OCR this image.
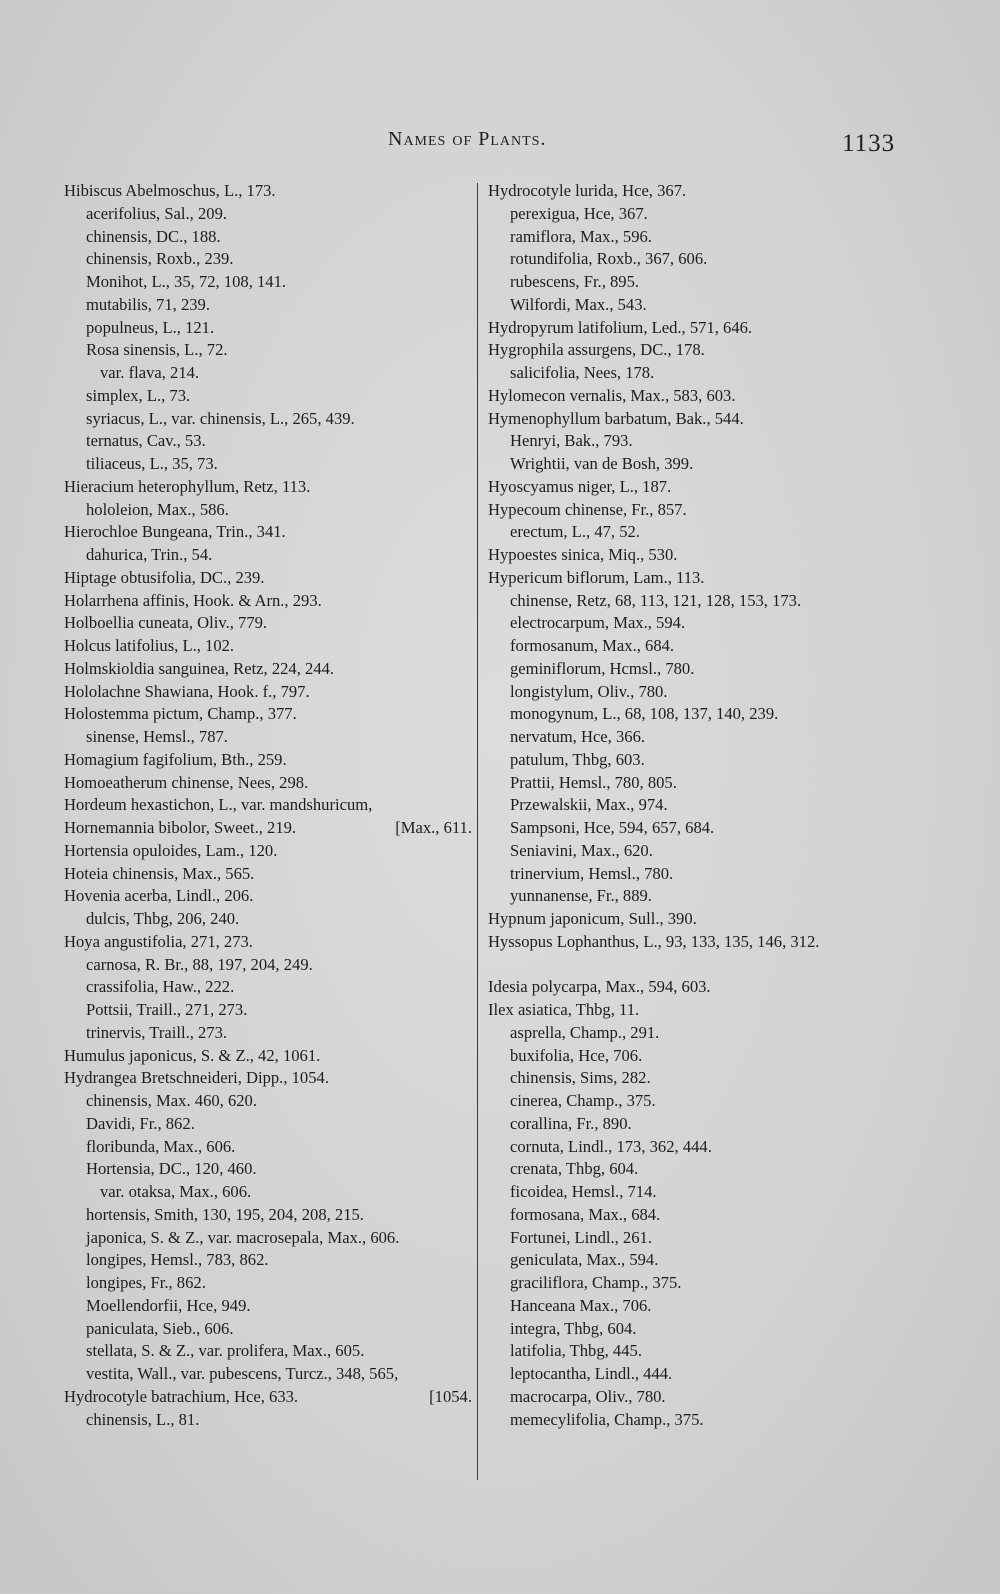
Names of Plants.	1133
Hibiscus Abelmoschus, L., 173.
acerifolius, Sal., 209.
chinensis, DC., 188.
chinensis, Roxb., 239.
Monihot, L., 35, 72, 108, 141.
mutabilis, 71, 239.
populneus, L., 121.
Rosa sinensis, L., 72.
var. flava, 214.
simplex, L., 73.
syriacus, L., var. chinensis, L., 265, 439.
ternatus, Cav., 53.
tiliaceus, L., 35, 73.
Hieracium heterophyllum, Retz, 113.
hololeion, Max., 586.
Hierochloe Bungeana, Trin., 341.
dahurica, Trin., 54.
Hiptage obtusifolia, DC., 239.
Holarrhena affinis, Hook. & Arn., 293.
Holboellia cuneata, Oliv., 779.
Holcus latifolius, L., 102.
Holmskioldia sanguinea, Retz, 224, 244.
Hololachne Shawiana, Hook. f., 797.
Holostemma pictum, Champ., 377.
sinense, Hemsl., 787.
Homagium fagifolium, Bth., 259.
Homoeatherum chinense, Nees, 298.
Hordeum hexastichon, L., var. mandshuricum,
Hornemannia bibolor, Sweet., 219.	[Max., 611.
Hortensia opuloides, Lam., 120.
Hoteia chinensis, Max., 565.
Hovenia acerba, Lindl., 206.
dulcis, Thbg, 206, 240.
Hoya angustifolia, 271, 273.
carnosa, R. Br., 88, 197, 204, 249.
crassifolia, Haw., 222.
Pottsii, Traill., 271, 273.
trinervis, Traill., 273.
Humulus japonicus, S. & Z., 42, 1061.
Hydrangea Bretschneideri, Dipp., 1054.
chinensis, Max. 460, 620.
Davidi, Fr., 862.
floribunda, Max., 606.
Hortensia, DC., 120, 460.
var. otaksa, Max., 606.
hortensis, Smith, 130, 195, 204, 208, 215.
japonica, S. & Z., var. macrosepala, Max., 606.
longipes, Hemsl., 783, 862.
longipes, Fr., 862.
Moellendorfii, Hce, 949.
paniculata, Sieb., 606.
stellata, S. & Z., var. prolifera, Max., 605.
vestita, Wall., var. pubescens, Turcz., 348, 565,
Hydrocotyle batrachium, Hce, 633.	[1054.
chinensis, L., 81.
Hydrocotyle lurida, Hce, 367.
perexigua, Hce, 367.
ramiflora, Max., 596.
rotundifolia, Roxb., 367, 606.
rubescens, Fr., 895.
Wilfordi, Max., 543.
Hydropyrum latifolium, Led., 571, 646.
Hygrophila assurgens, DC., 178.
salicifolia, Nees, 178.
Hylomecon vernalis, Max., 583, 603.
Hymenophyllum barbatum, Bak., 544.
Henryi, Bak., 793.
Wrightii, van de Bosh, 399.
Hyoscyamus niger, L., 187.
Hypecoum chinense, Fr., 857.
erectum, L., 47, 52.
Hypoestes sinica, Miq., 530.
Hypericum biflorum, Lam., 113.
chinense, Retz, 68, 113, 121, 128, 153, 173.
electrocarpum, Max., 594.
formosanum, Max., 684.
geminiflorum, Hcmsl., 780.
longistylum, Oliv., 780.
monogynum, L., 68, 108, 137, 140, 239.
nervatum, Hce, 366.
patulum, Thbg, 603.
Prattii, Hemsl., 780, 805.
Przewalskii, Max., 974.
Sampsoni, Hce, 594, 657, 684.
Seniavini, Max., 620.
trinervium, Hemsl., 780.
yunnanense, Fr., 889.
Hypnum japonicum, Sull., 390.
Hyssopus Lophanthus, L., 93, 133, 135, 146, 312.
Idesia polycarpa, Max., 594, 603.
Ilex asiatica, Thbg, 11.
asprella, Champ., 291.
buxifolia, Hce, 706.
chinensis, Sims, 282.
cinerea, Champ., 375.
corallina, Fr., 890.
cornuta, Lindl., 173, 362, 444.
crenata, Thbg, 604.
ficoidea, Hemsl., 714.
formosana, Max., 684.
Fortunei, Lindl., 261.
geniculata, Max., 594.
graciliflora, Champ., 375.
Hanceana Max., 706.
integra, Thbg, 604.
latifolia, Thbg, 445.
leptocantha, Lindl., 444.
macrocarpa, Oliv., 780.
memecylifolia, Champ., 375.
